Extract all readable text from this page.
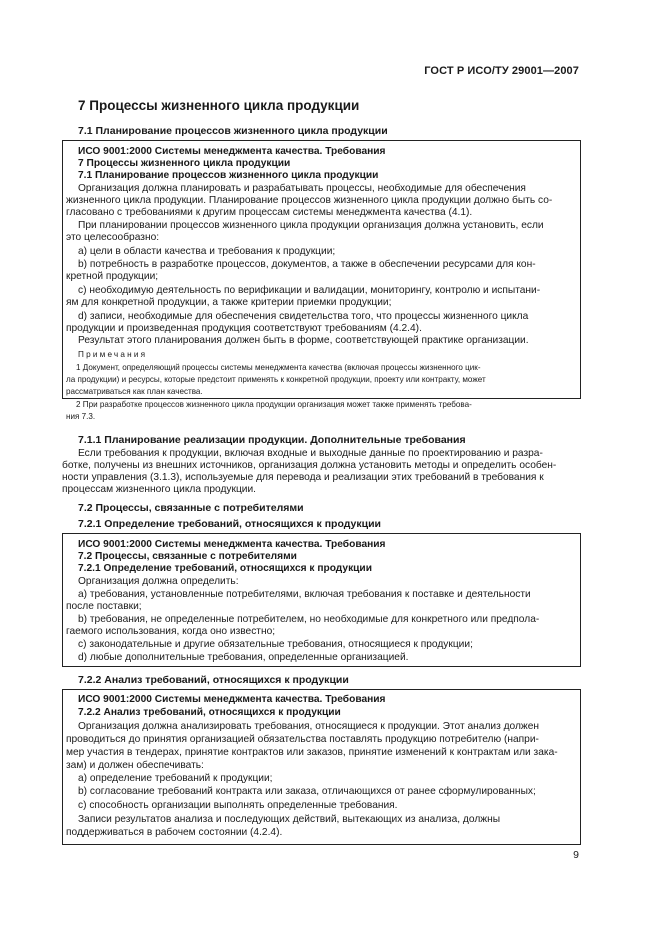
ГОСТ Р ИСО/ТУ 29001—2007
7 Процессы жизненного цикла продукции
7.1 Планирование процессов жизненного цикла продукции
ИСО 9001:2000 Системы менеджмента качества. Требования
7 Процессы жизненного цикла продукции
7.1 Планирование процессов жизненного цикла продукции
Организация должна планировать и разрабатывать процессы, необходимые для обеспечения
жизненного цикла продукции. Планирование процессов жизненного цикла продукции должно быть со-
гласовано с требованиями к другим процессам системы менеджмента качества (4.1).
При планировании процессов жизненного цикла продукции организация должна установить, если
это целесообразно:
a) цели в области качества и требования к продукции;
b) потребность в разработке процессов, документов, а также в обеспечении ресурсами для кон-
кретной продукции;
c) необходимую деятельность по верификации и валидации, мониторингу, контролю и испытани-
ям для конкретной продукции, а также критерии приемки продукции;
d) записи, необходимые для обеспечения свидетельства того, что процессы жизненного цикла
продукции и произведенная продукция соответствуют требованиям (4.2.4).
Результат этого планирования должен быть в форме, соответствующей практике организации.
Примечания
1 Документ, определяющий процессы системы менеджмента качества (включая процессы жизненного цик-
ла продукции) и ресурсы, которые предстоит применять к конкретной продукции, проекту или контракту, может
рассматриваться как план качества.
2 При разработке процессов жизненного цикла продукции организация может также применять требова-
ния 7.3.
7.1.1 Планирование реализации продукции. Дополнительные требования
Если требования к продукции, включая входные и выходные данные по проектированию и разра-
ботке, получены из внешних источников, организация должна установить методы и определить особен-
ности управления (3.1.3), используемые для перевода и реализации этих требований в требования к
процессам жизненного цикла продукции.
7.2 Процессы, связанные с потребителями
7.2.1 Определение требований, относящихся к продукции
ИСО 9001:2000 Системы менеджмента качества. Требования
7.2 Процессы, связанные с потребителями
7.2.1 Определение требований, относящихся к продукции
Организация должна определить:
a) требования, установленные потребителями, включая требования к поставке и деятельности
после поставки;
b) требования, не определенные потребителем, но необходимые для конкретного или предполa-
гаемого использования, когда оно известно;
c) законодательные и другие обязательные требования, относящиеся к продукции;
d) любые дополнительные требования, определенные организацией.
7.2.2 Анализ требований, относящихся к продукции
ИСО 9001:2000 Системы менеджмента качества. Требования
7.2.2 Анализ требований, относящихся к продукции
Организация должна анализировать требования, относящиеся к продукции. Этот анализ должен
проводиться до принятия организацией обязательства поставлять продукцию потребителю (напри-
мер участия в тендерах, принятие контрактов или заказов, принятие изменений к контрактам или зака-
зам) и должен обеспечивать:
a) определение требований к продукции;
b) согласование требований контракта или заказа, отличающихся от ранее сформулированных;
c) способность организации выполнять определенные требования.
Записи результатов анализа и последующих действий, вытекающих из анализа, должны
поддерживаться в рабочем состоянии (4.2.4).
9
